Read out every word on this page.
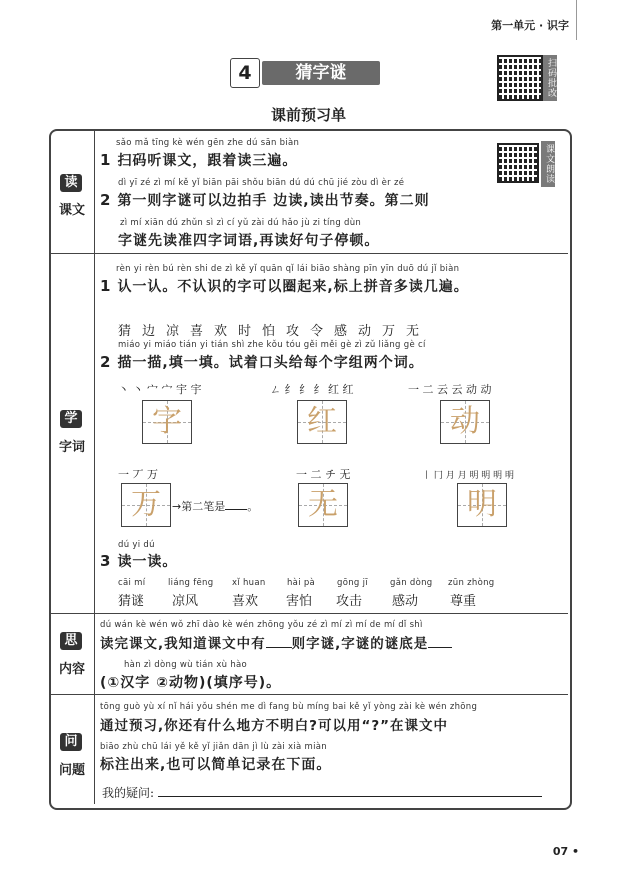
第一单元 · 识字
4	猜字谜	扫码批改
课前预习单
课文朗读
读
课文
学
字词
思
内容
问
问题
sǎo mǎ tīng kè wén gēn zhe dú sān biàn
1 扫码听课文，跟着读三遍。
dì yī zé zì mí kě yǐ biān pāi shǒu biān dú dú chū jié zòu dì èr zé
2 第一则字谜可以边拍手 边读,读出节奏。第二则
zì mí xiān dú zhǔn sì zì cí yǔ zài dú hǎo jù zi tíng dùn
字谜先读准四字词语,再读好句子停顿。
rèn yi rèn bú rèn shi de zì kě yǐ quān qǐ lái biāo shàng pīn yīn duō dú jǐ biàn
1 认一认。不认识的字可以圈起来,标上拼音多读几遍。
猜边凉喜欢时怕攻令感动万无
miáo yi miáo tián yi tián shì zhe kǒu tóu gěi měi gè zì zǔ liǎng gè cí
2 描一描,填一填。试着口头给每个字组两个词。
丶 丶 宀 宀 宇 宇	ㄥ 纟 纟 纟 红 红	一 二 云 云 动 动
字	红	动
一 丆 万	一 二 チ 无	丨 冂 月 月 明 明 明 明
万	→第二笔是 。	无	明
dú yi dú
3 读一读。
cāi mí
猜谜
liáng fēng
凉风
xǐ huan
喜欢
hài pà
害怕
gōng jī
攻击
gǎn dòng
感动
zūn zhòng
尊重
dú wán kè wén wǒ zhī dào kè wén zhōng yǒu zé zì mí zì mí de mí dǐ shì
读完课文,我知道课文中有 则字谜,字谜的谜底是
hàn zì dòng wù tián xù hào
(①汉字 ②动物)(填序号)。
tōng guò yù xí nǐ hái yǒu shén me dì fang bù míng bai kě yǐ yòng zài kè wén zhōng
通过预习,你还有什么地方不明白?可以用“?”在课文中
biāo zhù chū lái yě kě yǐ jiǎn dān jì lù zài xià miàn
标注出来,也可以简单记录在下面。
我的疑问:
07 •
